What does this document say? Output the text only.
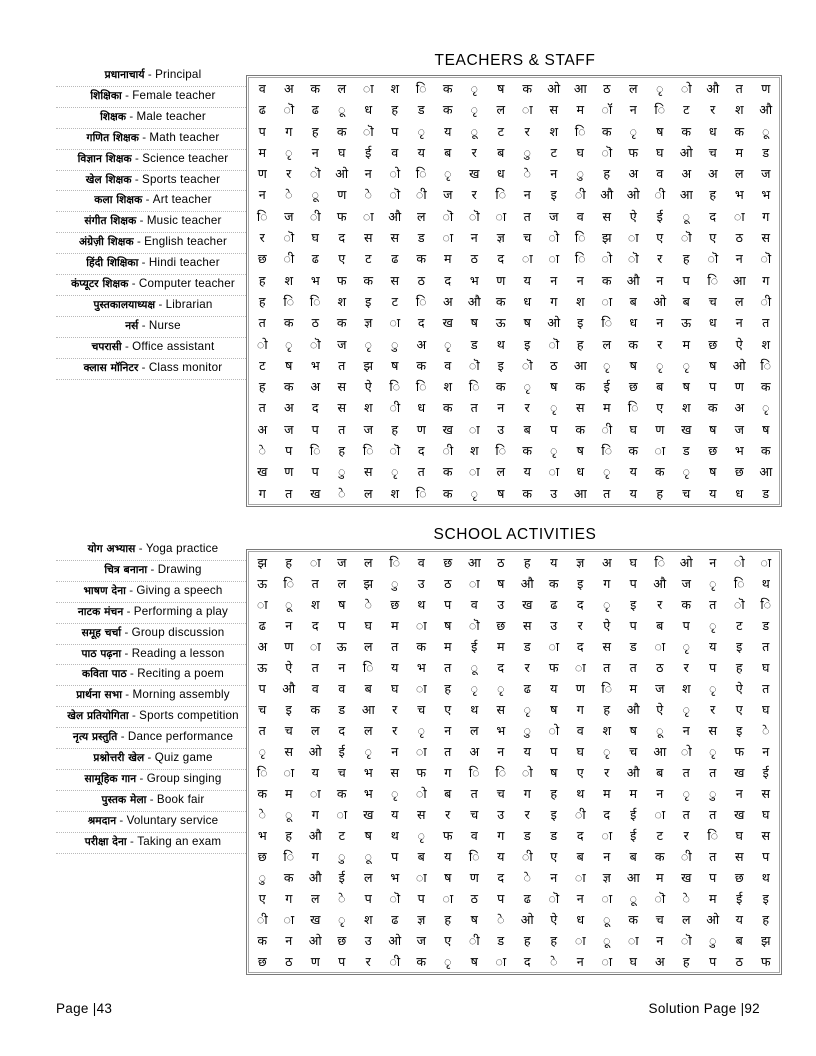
प्रधानाचार्य - Principal
शिक्षिका - Female teacher
शिक्षक - Male teacher
गणित शिक्षक - Math teacher
विज्ञान शिक्षक - Science teacher
खेल शिक्षक - Sports teacher
कला शिक्षक - Art teacher
संगीत शिक्षक - Music teacher
अंग्रेज़ी शिक्षक - English teacher
हिंदी शिक्षिका - Hindi teacher
कंप्यूटर शिक्षक - Computer teacher
पुस्तकालयाध्यक्ष - Librarian
नर्स - Nurse
चपरासी - Office assistant
क्लास मॉनिटर - Class monitor
योग अभ्यास - Yoga practice
चित्र बनाना - Drawing
भाषण देना - Giving a speech
नाटक मंचन - Performing a play
समूह चर्चा - Group discussion
पाठ पढ़ना - Reading a lesson
कविता पाठ - Reciting a poem
प्रार्थना सभा - Morning assembly
खेल प्रतियोगिता - Sports competition
नृत्य प्रस्तुति - Dance performance
प्रश्नोत्तरी खेल - Quiz game
सामूहिक गान - Group singing
पुस्तक मेला - Book fair
श्रमदान - Voluntary service
परीक्षा देना - Taking an exam
TEACHERS & STAFF
व	अ	क	ल	ा	श	ि	क	ृ	ष	क	ओ	आ	ठ	ल	ृ	ो	औ	त	ण
ढ	ॊ	ढ	ू	ध	ह	ड	क	ृ	ल	ा	स	म	ॉ	न	ि	ट	र	श	औ
प	ग	ह	क	ॊ	प	ृ	य	ू	ट	र	श	ि	क	ृ	ष	क	ध	क	ू
म	ृ	न	घ	ई	व	य	ब	र	ब	ु	ट	घ	ॊ	फ	घ	ओ	च	म	ड
ण	र	ॊ	ओ	न	ो	ि	ृ	ख	ध	े	न	ु	ह	अ	व	अ	अ	ल	ज
न	े	ू	ण	े	ॊ	ी	ज	र	ि	न	इ	ी	औ	ओ	ी	आ	ह	भ	भ
ि	ज	ी	फ	ा	औ	ल	ॊ	ॊ	ा	त	ज	व	स	ऐ	ई	ू	द	ा	ग
र	ॊ	घ	द	स	स	ड	ा	न	ज्ञ	च	ो	ि	झ	ा	ए	ॊ	ए	ठ	स
छ	ी	ढ	ए	ट	ढ	क	म	ठ	द	ा	ा	ि	ो	ॊ	र	ह	ॊ	न	ॊ
ह	श	भ	फ	क	स	ठ	द	भ	ण	य	न	न	क	औ	न	प	ि	आ	ग
ह	ि	ि	श	इ	ट	ि	अ	औ	क	ध	ग	श	ा	ब	ओ	ब	च	ल	ी
त	क	ठ	क	ज्ञ	ा	द	ख	ष	ऊ	ष	ओ	इ	ि	ध	न	ऊ	ध	न	त
ो	ृ	ॊ	ज	ृ	ु	अ	ृ	ड	थ	इ	ॊ	ह	ल	क	र	म	छ	ऐ	श
ट	ष	भ	त	झ	ष	क	व	ॊ	इ	ॊ	ठ	आ	ृ	ष	ृ	ृ	ष	ओ	ि
ह	क	अ	स	ऐ	ि	ि	श	ि	क	ृ	ष	क	ई	छ	ब	ष	प	ण	क
त	अ	द	स	श	ी	ध	क	त	न	र	ृ	स	म	ि	ए	श	क	अ	ृ
अ	ज	प	त	ज	ह	ण	ख	ा	उ	ब	प	क	ी	घ	ण	ख	ष	ज	ष
े	प	ि	ह	ि	ॊ	द	ी	श	ि	क	ृ	ष	ि	क	ा	ड	छ	भ	क
ख	ण	प	ु	स	ृ	त	क	ा	ल	य	ा	ध	ृ	य	क	ृ	ष	छ	आ
ग	त	ख	े	ल	श	ि	क	ृ	ष	क	उ	आ	त	य	ह	च	य	ध	ड
SCHOOL ACTIVITIES
झ	ह	ा	ज	ल	ि	व	छ	आ	ठ	ह	य	ज्ञ	अ	घ	ि	ओ	न	ो	ा
ऊ	ि	त	ल	झ	ु	उ	ठ	ा	ष	औ	क	इ	ग	प	औ	ज	ृ	ि	थ
ा	ू	श	ष	े	छ	थ	प	व	उ	ख	ढ	द	ृ	इ	र	क	त	ॊ	ि
ढ	न	द	प	घ	म	ा	ष	ॊ	छ	स	उ	र	ऐ	प	ब	प	ृ	ट	ड
अ	ण	ा	ऊ	ल	त	क	म	ई	म	ड	ा	द	स	ड	ा	ृ	य	इ	त
ऊ	ऐ	त	न	ि	य	भ	त	ू	द	र	फ	ा	त	त	ठ	र	प	ह	घ
प	औ	व	व	ब	घ	ा	ह	ृ	ृ	ढ	य	ण	ि	म	ज	श	ृ	ऐ	त
च	इ	क	ड	आ	र	च	ए	थ	स	ृ	ष	ग	ह	औ	ऐ	ृ	र	ए	घ
त	च	ल	द	ल	र	ृ	न	ल	भ	ु	ो	व	श	ष	ू	न	स	इ	े
ृ	स	ओ	ई	ृ	न	ा	त	अ	न	य	प	घ	ृ	च	आ	ो	ृ	फ	न
ि	ा	य	च	भ	स	फ	ग	ि	ि	ो	ष	ए	र	औ	ब	त	त	ख	ई
क	म	ा	क	भ	ृ	ो	ब	त	च	ग	ह	थ	म	म	न	ृ	ु	न	स
े	ू	ग	ा	ख	य	स	र	च	उ	र	इ	ी	द	ई	ा	त	त	ख	घ
भ	ह	औ	ट	ष	थ	ृ	फ	व	ग	ड	ड	द	ा	ई	ट	र	ि	घ	स
छ	ि	ग	ु	ू	प	ब	य	ि	य	ी	ए	ब	न	ब	क	ी	त	स	प
ु	क	औ	ई	ल	भ	ा	ष	ण	द	े	न	ा	ज्ञ	आ	म	ख	प	छ	थ
ए	ग	ल	े	प	ॊ	प	ा	ठ	प	ढ	ॊ	न	ा	ू	ॊ	े	म	ई	इ
ी	ा	ख	ृ	श	ढ	ज्ञ	ह	ष	े	ओ	ऐ	ध	ू	क	च	ल	ओ	य	ह
क	न	ओ	छ	उ	ओ	ज	ए	ी	ड	ह	ह	ा	ू	ा	न	ॊ	ु	ब	झ
छ	ठ	ण	प	र	ी	क	ृ	ष	ा	द	े	न	ा	घ	अ	ह	प	ठ	फ
Page |43	Solution Page |92
